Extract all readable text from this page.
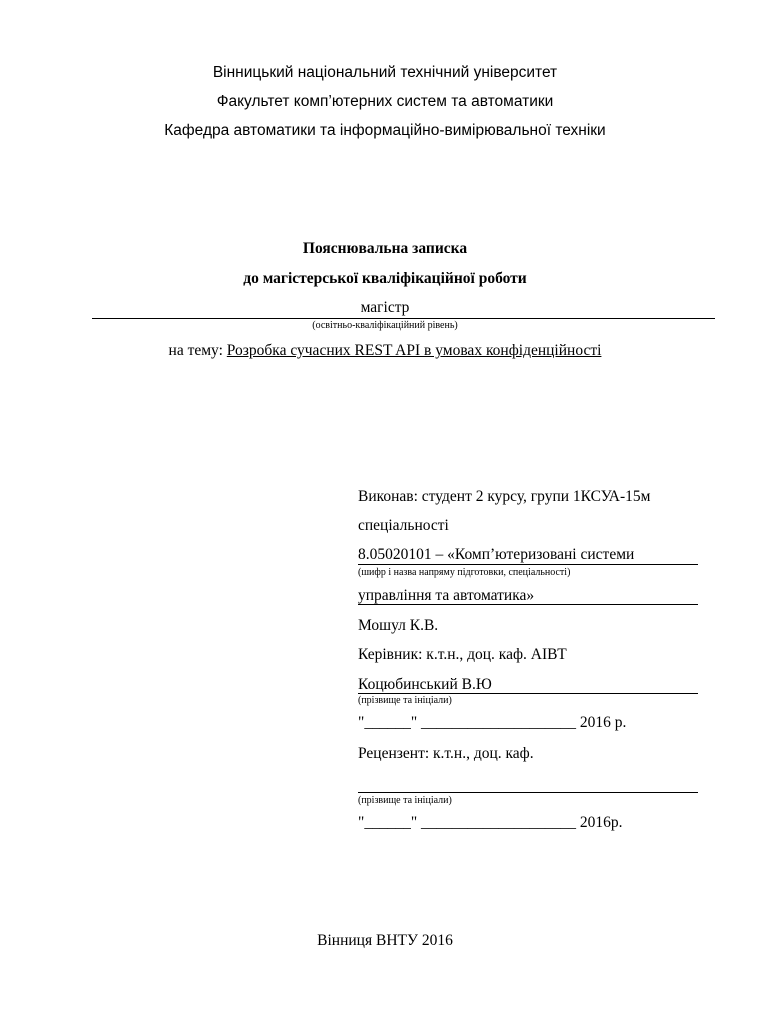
Вінницький національний технічний університет
Факультет комп’ютерних систем та автоматики
Кафедра автоматики та інформаційно-вимірювальної техніки
Пояснювальна записка
до магістерської кваліфікаційної роботи
магістр
(освітньо-кваліфікаційний рівень)
на тему: Розробка сучасних REST API в умовах конфіденційності
Виконав: студент 2 курсу, групи 1КСУА-15м
спеціальності
8.05020101 – «Комп’ютеризовані системи
(шифр і назва напряму підготовки, спеціальності)
управління та автоматика»
Мошул К.В.
Керівник: к.т.н., доц. каф. АІВТ
Коцюбинський В.Ю
(прізвище та ініціали)
"______" ____________________ 2016 р.
Рецензент: к.т.н., доц. каф.
(прізвище та ініціали)
"______" ____________________ 2016р.
Вінниця ВНТУ 2016
